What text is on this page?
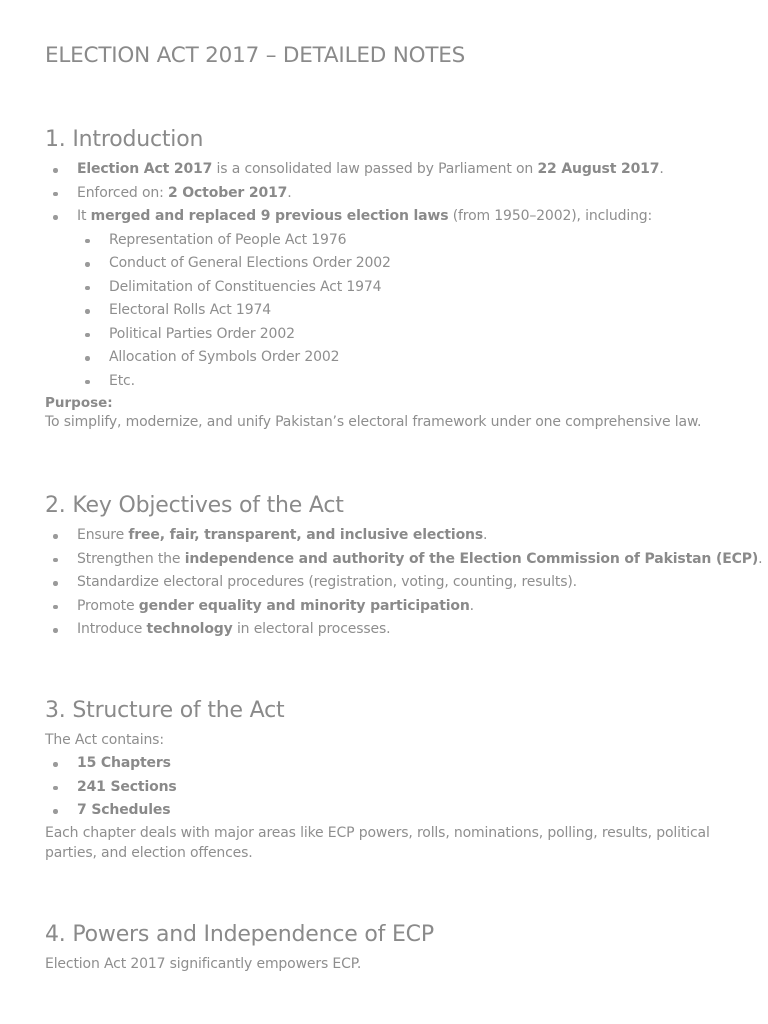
ELECTION ACT 2017 – DETAILED NOTES
1. Introduction
Election Act 2017 is a consolidated law passed by Parliament on 22 August 2017.
Enforced on: 2 October 2017.
It merged and replaced 9 previous election laws (from 1950–2002), including:
Representation of People Act 1976
Conduct of General Elections Order 2002
Delimitation of Constituencies Act 1974
Electoral Rolls Act 1974
Political Parties Order 2002
Allocation of Symbols Order 2002
Etc.
Purpose:

To simplify, modernize, and unify Pakistan’s electoral framework under one comprehensive law.

2. Key Objectives of the Act
Ensure free, fair, transparent, and inclusive elections.
Strengthen the independence and authority of the Election Commission of Pakistan (ECP).
Standardize electoral procedures (registration, voting, counting, results).
Promote gender equality and minority participation.
Introduce technology in electoral processes.
3. Structure of the Act

The Act contains:

15 Chapters
241 Sections
7 Schedules

Each chapter deals with major areas like ECP powers, rolls, nominations, polling, results, political parties, and election offences.

4. Powers and Independence of ECP

Election Act 2017 significantly empowers ECP.
